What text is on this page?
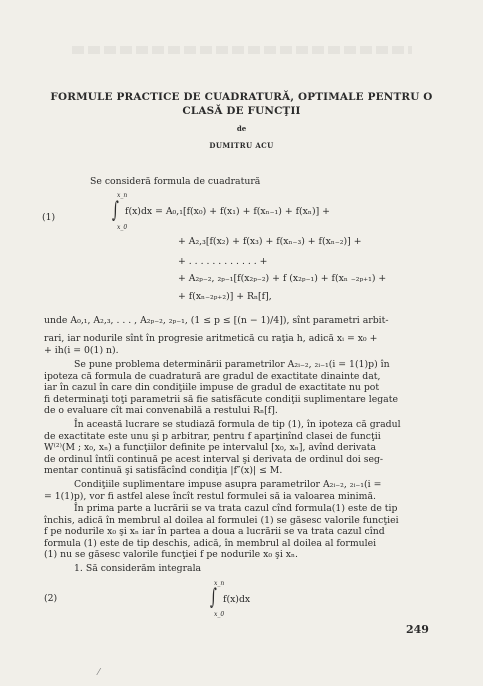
FORMULE PRACTICE DE CUADRATURĂ, OPTIMALE PENTRU O CLASĂ DE FUNCŢII
de
DUMITRU ACU
Se consideră formula de cuadratură
(1)
x_n
∫
x_0
f(x)dx = A₀,₁[f(x₀) + f(x₁) + f(xₙ₋₁) + f(xₙ)] +
+ A₂,₃[f(x₂) + f(x₃) + f(xₙ₋₃) + f(xₙ₋₂)] +
+ . . . . . . . . . . . . +
+ A₂ₚ₋₂, ₂ₚ₋₁[f(x₂ₚ₋₂) + f (x₂ₚ₋₁) + f(xₙ ₋₂ₚ₊₁) +
+ f(xₙ₋₂ₚ₊₂)] + Rₙ[f],
unde A₀,₁, A₂,₃, . . . , A₂ₚ₋₂, ₂ₚ₋₁, (1 ≤ p ≤ [(n − 1)/4]), sînt parametri arbit-
rari, iar nodurile sînt în progresie aritmetică cu raţia h, adică xᵢ = x₀ +
+ ih(i = 0(1) n).
Se pune problema determinării parametrilor A₂ᵢ₋₂, ₂ᵢ₋₁(i = 1(1)p) în
ipoteza că formula de cuadratură are gradul de exactitate dinainte dat,
iar în cazul în care din condiţiile impuse de gradul de exactitate nu pot
fi determinaţi toţi parametrii să fie satisfăcute condiţii suplimentare legate
de o evaluare cît mai convenabilă a restului Rₙ[f].
În această lucrare se studiază formula de tip (1), în ipoteza că gradul
de exactitate este unu şi p arbitrar, pentru f aparţinînd clasei de funcţii
W⁽²⁾(M ; x₀, xₙ) a funcţiilor definite pe intervalul [x₀, xₙ], avînd derivata
de ordinul întîi continuă pe acest interval şi derivata de ordinul doi seg-
mentar continuă şi satisfăcînd condiţia |f″(x)| ≤ M.
Condiţiile suplimentare impuse asupra parametrilor A₂ᵢ₋₂, ₂ᵢ₋₁(i =
= 1(1)p), vor fi astfel alese încît restul formulei să ia valoarea minimă.
În prima parte a lucrării se va trata cazul cînd formula(1) este de tip
închis, adică în membrul al doilea al formulei (1) se găsesc valorile funcţiei
f pe nodurile x₀ şi xₙ iar în partea a doua a lucrării se va trata cazul cînd
formula (1) este de tip deschis, adică, în membrul al doilea al formulei
(1) nu se găsesc valorile funcţiei f pe nodurile x₀ şi xₙ.
1. Să considerăm integrala
(2)
x_n
∫
x_0
f(x)dx
249
⁄
